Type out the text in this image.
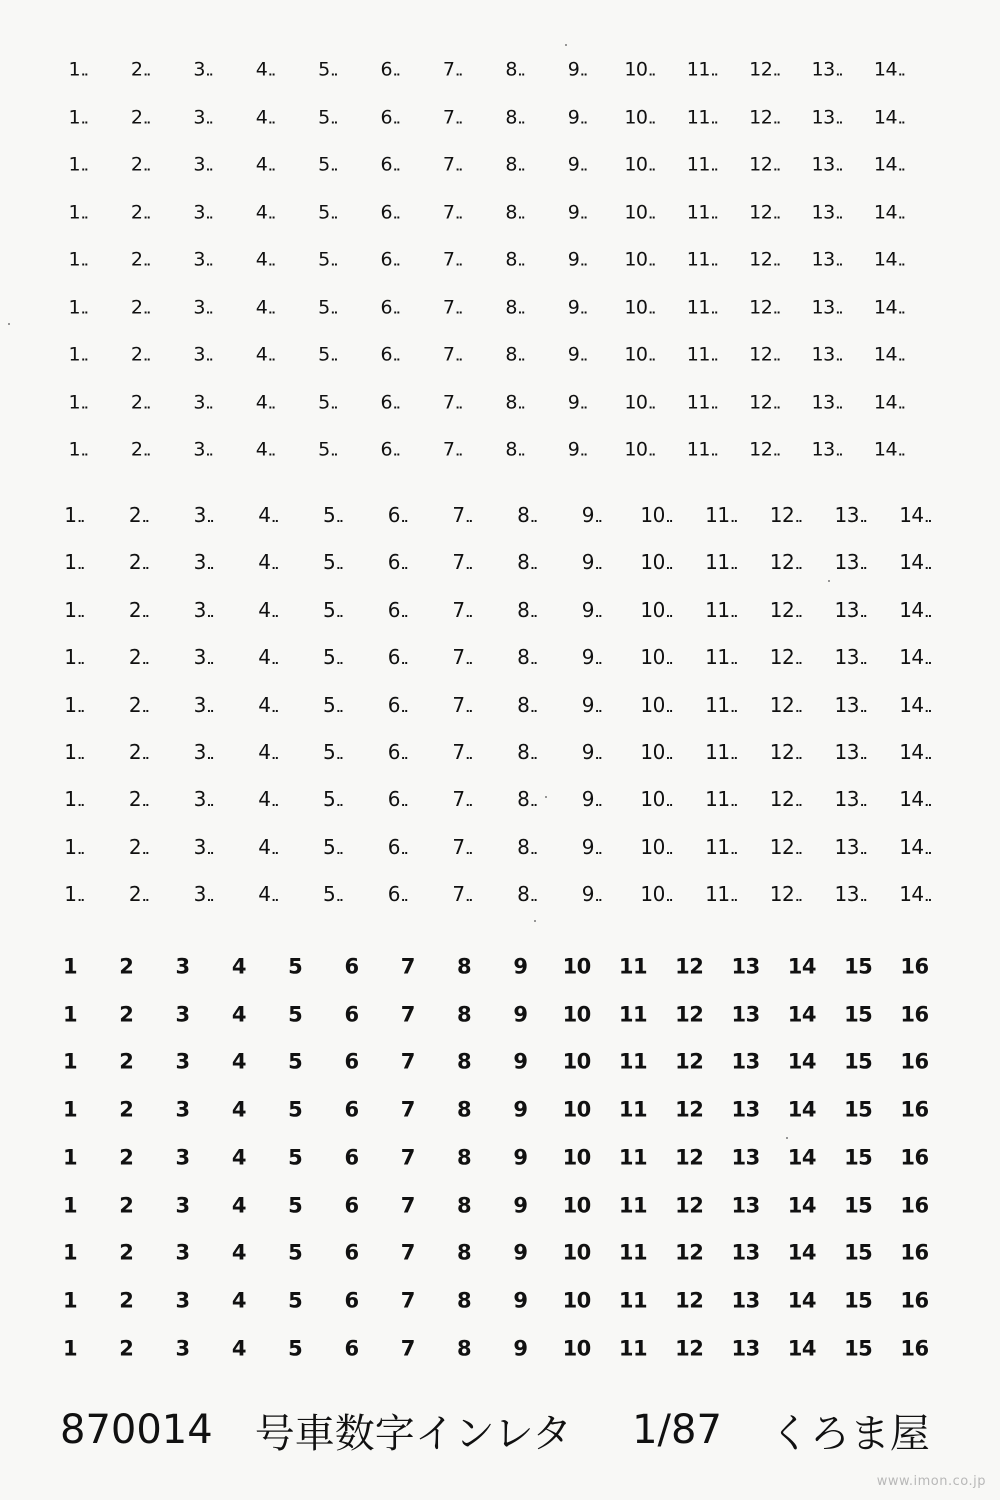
1.. 2.. 3.. 4.. 5.. 6.. 7.. 8.. 9.. 10.. 11.. 12.. 13.. 14..
1.. 2.. 3.. 4.. 5.. 6.. 7.. 8.. 9.. 10.. 11.. 12.. 13.. 14..
1.. 2.. 3.. 4.. 5.. 6.. 7.. 8.. 9.. 10.. 11.. 12.. 13.. 14..
1.. 2.. 3.. 4.. 5.. 6.. 7.. 8.. 9.. 10.. 11.. 12.. 13.. 14..
1.. 2.. 3.. 4.. 5.. 6.. 7.. 8.. 9.. 10.. 11.. 12.. 13.. 14..
1.. 2.. 3.. 4.. 5.. 6.. 7.. 8.. 9.. 10.. 11.. 12.. 13.. 14..
1.. 2.. 3.. 4.. 5.. 6.. 7.. 8.. 9.. 10.. 11.. 12.. 13.. 14..
1.. 2.. 3.. 4.. 5.. 6.. 7.. 8.. 9.. 10.. 11.. 12.. 13.. 14..
1.. 2.. 3.. 4.. 5.. 6.. 7.. 8.. 9.. 10.. 11.. 12.. 13.. 14..
1.. 2.. 3.. 4.. 5.. 6.. 7.. 8.. 9.. 10.. 11.. 12.. 13.. 14..
1.. 2.. 3.. 4.. 5.. 6.. 7.. 8.. 9.. 10.. 11.. 12.. 13.. 14..
1.. 2.. 3.. 4.. 5.. 6.. 7.. 8.. 9.. 10.. 11.. 12.. 13.. 14..
1.. 2.. 3.. 4.. 5.. 6.. 7.. 8.. 9.. 10.. 11.. 12.. 13.. 14..
1.. 2.. 3.. 4.. 5.. 6.. 7.. 8.. 9.. 10.. 11.. 12.. 13.. 14..
1.. 2.. 3.. 4.. 5.. 6.. 7.. 8.. 9.. 10.. 11.. 12.. 13.. 14..
1.. 2.. 3.. 4.. 5.. 6.. 7.. 8.. 9.. 10.. 11.. 12.. 13.. 14..
1.. 2.. 3.. 4.. 5.. 6.. 7.. 8.. 9.. 10.. 11.. 12.. 13.. 14..
1.. 2.. 3.. 4.. 5.. 6.. 7.. 8.. 9.. 10.. 11.. 12.. 13.. 14..
1 2 3 4 5 6 7 8 9 10 11 12 13 14 15 16
1 2 3 4 5 6 7 8 9 10 11 12 13 14 15 16
1 2 3 4 5 6 7 8 9 10 11 12 13 14 15 16
1 2 3 4 5 6 7 8 9 10 11 12 13 14 15 16
1 2 3 4 5 6 7 8 9 10 11 12 13 14 15 16
1 2 3 4 5 6 7 8 9 10 11 12 13 14 15 16
1 2 3 4 5 6 7 8 9 10 11 12 13 14 15 16
1 2 3 4 5 6 7 8 9 10 11 12 13 14 15 16
1 2 3 4 5 6 7 8 9 10 11 12 13 14 15 16
870014 号車数字インレタ 1/87 くろま屋
www.imon.co.jp
